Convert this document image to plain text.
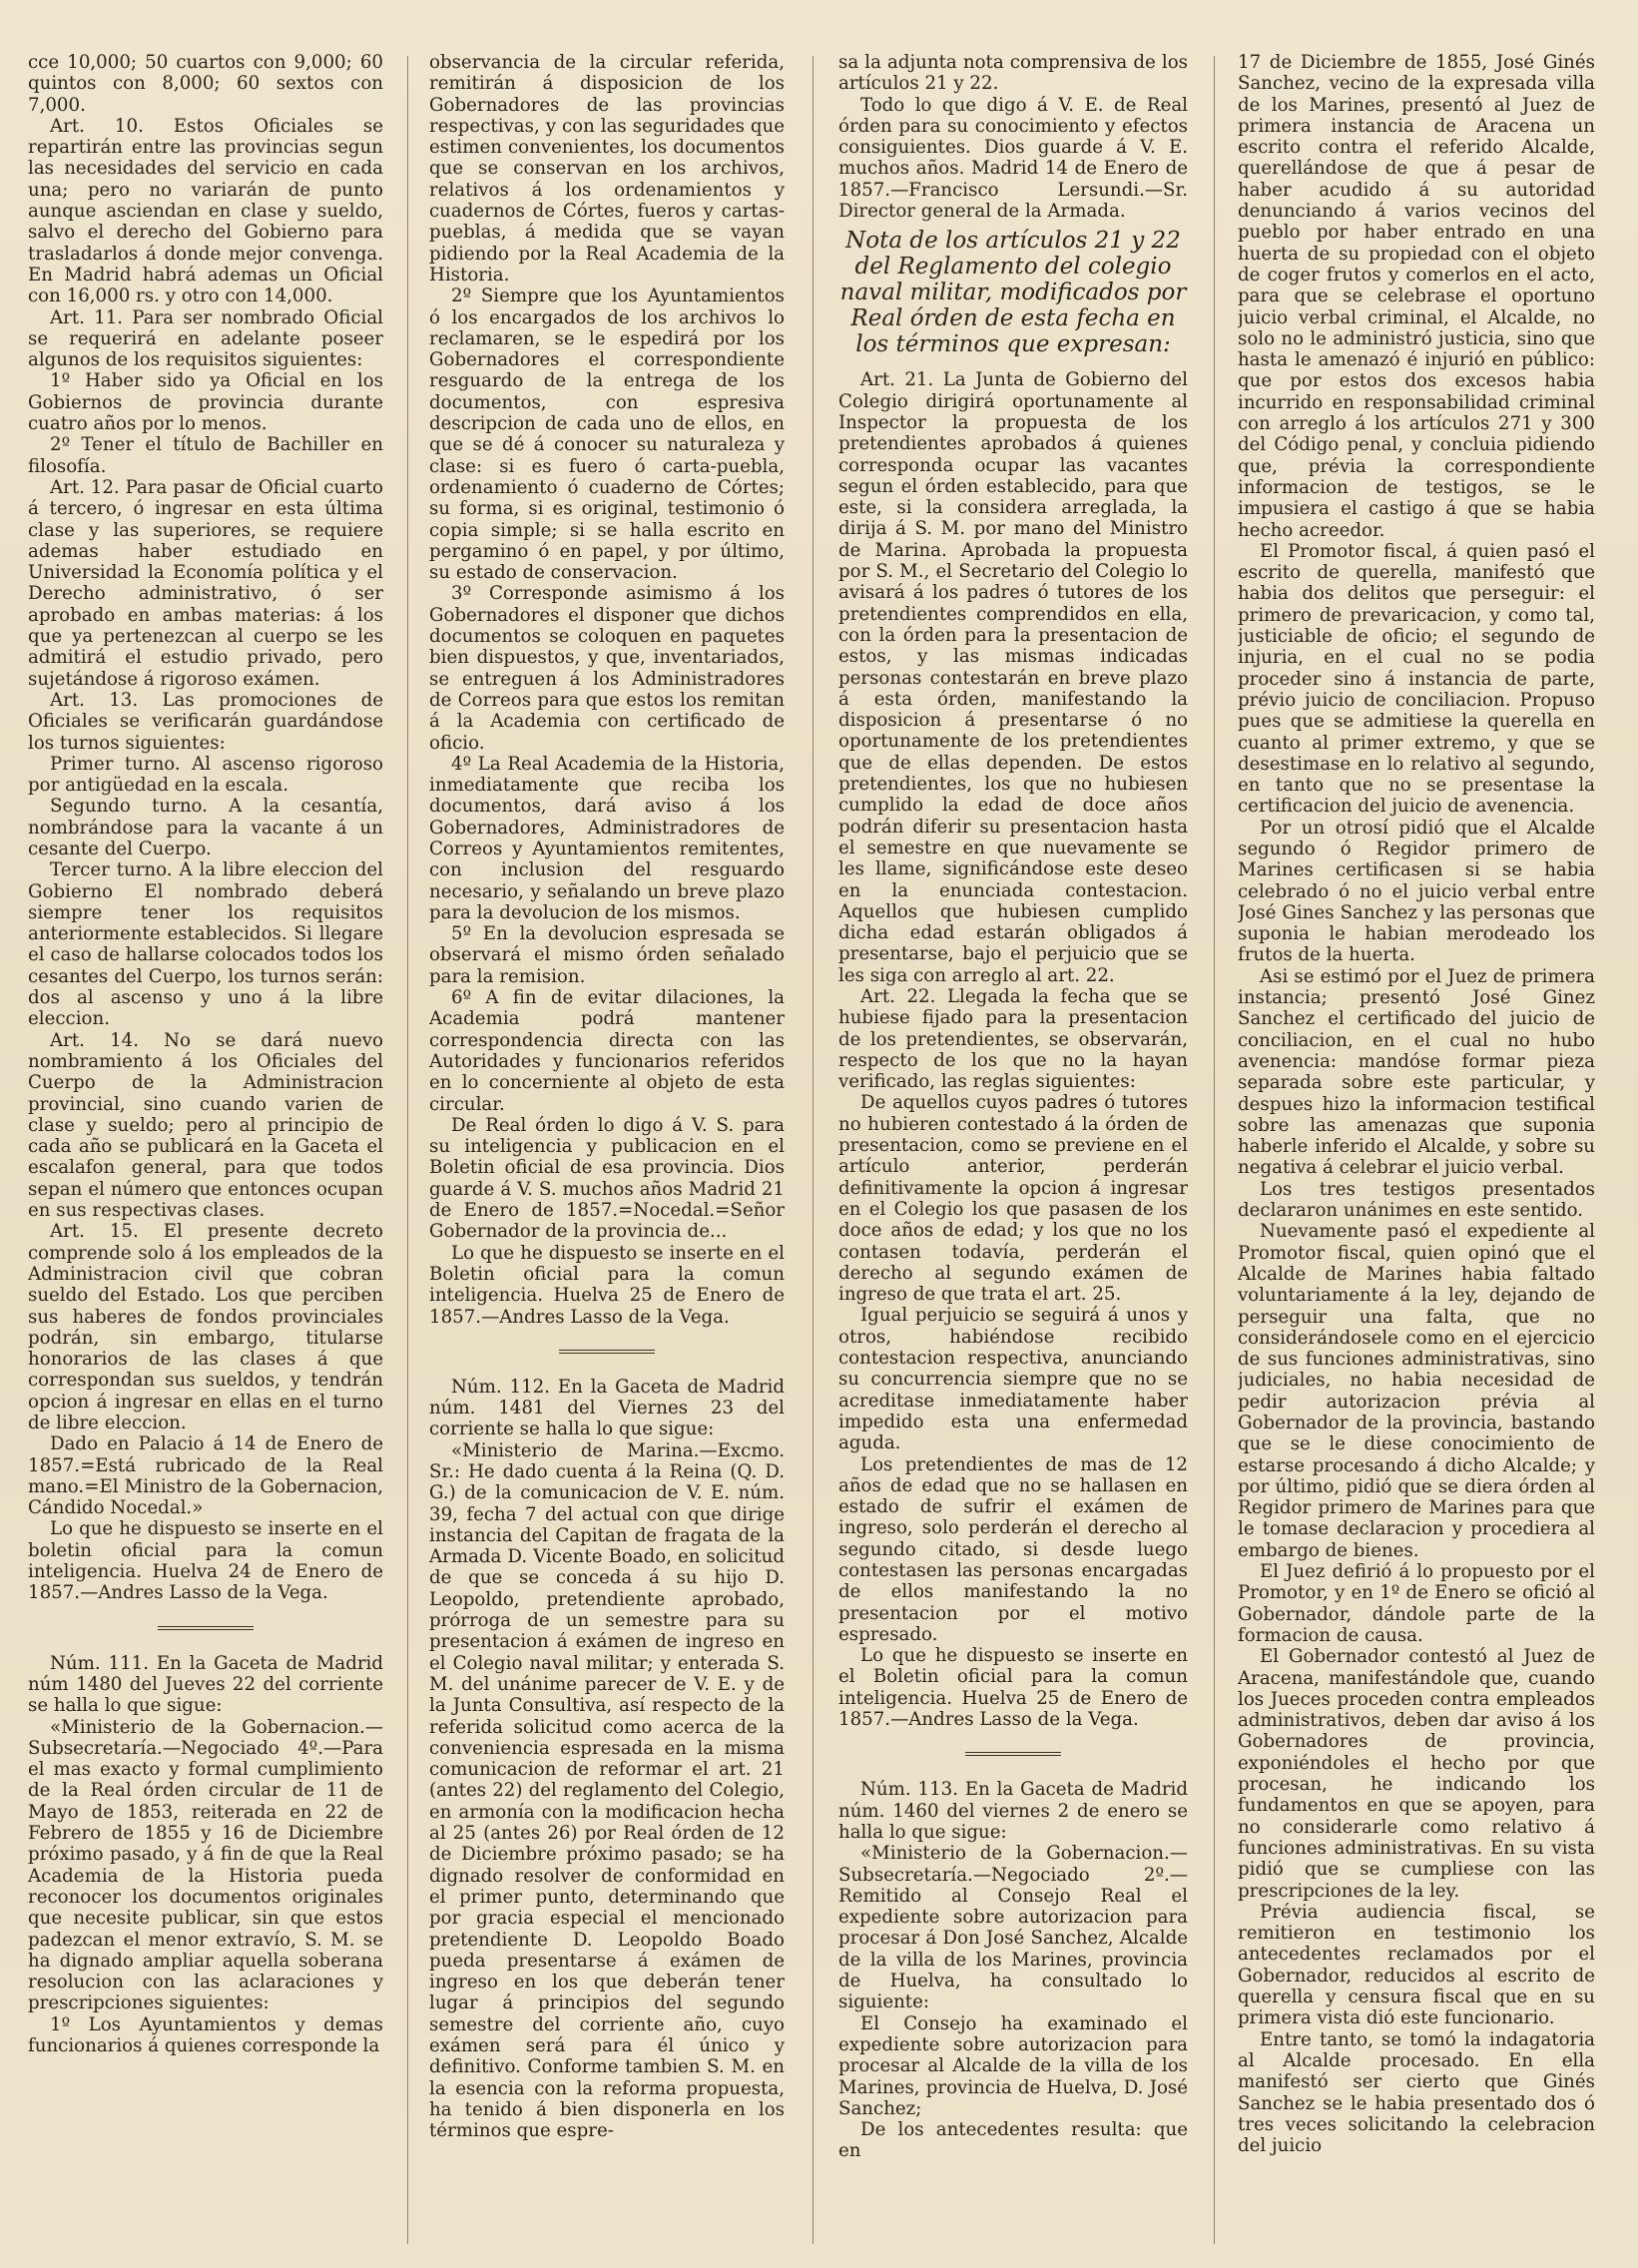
cce 10,000; 50 cuartos con 9,000; 60 quintos con 8,000; 60 sextos con 7,000.

Art. 10. Estos Oficiales se repartirán entre las provincias segun las necesidades del servicio en cada una; pero no variarán de punto aunque asciendan en clase y sueldo, salvo el derecho del Gobierno para trasladarlos á donde mejor convenga. En Madrid habrá ademas un Oficial con 16,000 rs. y otro con 14,000.

Art. 11. Para ser nombrado Oficial se requerirá en adelante poseer algunos de los requisitos siguientes:

1º Haber sido ya Oficial en los Gobiernos de provincia durante cuatro años por lo menos.

2º Tener el título de Bachiller en filosofía.

Art. 12. Para pasar de Oficial cuarto á tercero, ó ingresar en esta última clase y las superiores, se requiere ademas haber estudiado en Universidad la Economía política y el Derecho administrativo, ó ser aprobado en ambas materias: á los que ya pertenezcan al cuerpo se les admitirá el estudio privado, pero sujetándose á rigoroso exámen.

Art. 13. Las promociones de Oficiales se verificarán guardándose los turnos siguientes:

Primer turno. Al ascenso rigoroso por antigüedad en la escala.

Segundo turno. A la cesantía, nombrándose para la vacante á un cesante del Cuerpo.

Tercer turno. A la libre eleccion del Gobierno El nombrado deberá siempre tener los requisitos anteriormente establecidos. Si llegare el caso de hallarse colocados todos los cesantes del Cuerpo, los turnos serán: dos al ascenso y uno á la libre eleccion.

Art. 14. No se dará nuevo nombramiento á los Oficiales del Cuerpo de la Administracion provincial, sino cuando varien de clase y sueldo; pero al principio de cada año se publicará en la Gaceta el escalafon general, para que todos sepan el número que entonces ocupan en sus respectivas clases.

Art. 15. El presente decreto comprende solo á los empleados de la Administracion civil que cobran sueldo del Estado. Los que perciben sus haberes de fondos provinciales podrán, sin embargo, titularse honorarios de las clases á que correspondan sus sueldos, y tendrán opcion á ingresar en ellas en el turno de libre eleccion.

Dado en Palacio á 14 de Enero de 1857.=Está rubricado de la Real mano.=El Ministro de la Gobernacion, Cándido Nocedal.»

Lo que he dispuesto se inserte en el boletin oficial para la comun inteligencia. Huelva 24 de Enero de 1857.—Andres Lasso de la Vega.

Núm. 111. En la Gaceta de Madrid núm 1480 del Jueves 22 del corriente se halla lo que sigue:

«Ministerio de la Gobernacion.—Subsecretaría.—Negociado 4º.—Para el mas exacto y formal cumplimiento de la Real órden circular de 11 de Mayo de 1853, reiterada en 22 de Febrero de 1855 y 16 de Diciembre próximo pasado, y á fin de que la Real Academia de la Historia pueda reconocer los documentos originales que necesite publicar, sin que estos padezcan el menor extravío, S. M. se ha dignado ampliar aquella soberana resolucion con las aclaraciones y prescripciones siguientes:

1º Los Ayuntamientos y demas funcionarios á quienes corresponde la

observancia de la circular referida, remitirán á disposicion de los Gobernadores de las provincias respectivas, y con las seguridades que estimen convenientes, los documentos que se conservan en los archivos, relativos á los ordenamientos y cuadernos de Córtes, fueros y cartas-pueblas, á medida que se vayan pidiendo por la Real Academia de la Historia.

2º Siempre que los Ayuntamientos ó los encargados de los archivos lo reclamaren, se le espedirá por los Gobernadores el correspondiente resguardo de la entrega de los documentos, con espresiva descripcion de cada uno de ellos, en que se dé á conocer su naturaleza y clase: si es fuero ó carta-puebla, ordenamiento ó cuaderno de Córtes; su forma, si es original, testimonio ó copia simple; si se halla escrito en pergamino ó en papel, y por último, su estado de conservacion.

3º Corresponde asimismo á los Gobernadores el disponer que dichos documentos se coloquen en paquetes bien dispuestos, y que, inventariados, se entreguen á los Administradores de Correos para que estos los remitan á la Academia con certificado de oficio.

4º La Real Academia de la Historia, inmediatamente que reciba los documentos, dará aviso á los Gobernadores, Administradores de Correos y Ayuntamientos remitentes, con inclusion del resguardo necesario, y señalando un breve plazo para la devolucion de los mismos.

5º En la devolucion espresada se observará el mismo órden señalado para la remision.

6º A fin de evitar dilaciones, la Academia podrá mantener correspondencia directa con las Autoridades y funcionarios referidos en lo concerniente al objeto de esta circular.

De Real órden lo digo á V. S. para su inteligencia y publicacion en el Boletin oficial de esa provincia. Dios guarde á V. S. muchos años Madrid 21 de Enero de 1857.=Nocedal.=Señor Gobernador de la provincia de...

Lo que he dispuesto se inserte en el Boletin oficial para la comun inteligencia. Huelva 25 de Enero de 1857.—Andres Lasso de la Vega.

Núm. 112. En la Gaceta de Madrid núm. 1481 del Viernes 23 del corriente se halla lo que sigue:

«Ministerio de Marina.—Excmo. Sr.: He dado cuenta á la Reina (Q. D. G.) de la comunicacion de V. E. núm. 39, fecha 7 del actual con que dirige instancia del Capitan de fragata de la Armada D. Vicente Boado, en solicitud de que se conceda á su hijo D. Leopoldo, pretendiente aprobado, prórroga de un semestre para su presentacion á exámen de ingreso en el Colegio naval militar; y enterada S. M. del unánime parecer de V. E. y de la Junta Consultiva, así respecto de la referida solicitud como acerca de la conveniencia espresada en la misma comunicacion de reformar el art. 21 (antes 22) del reglamento del Colegio, en armonía con la modificacion hecha al 25 (antes 26) por Real órden de 12 de Diciembre próximo pasado; se ha dignado resolver de conformidad en el primer punto, determinando que por gracia especial el mencionado pretendiente D. Leopoldo Boado pueda presentarse á exámen de ingreso en los que deberán tener lugar á principios del segundo semestre del corriente año, cuyo exámen será para él único y definitivo. Conforme tambien S. M. en la esencia con la reforma propuesta, ha tenido á bien disponerla en los términos que espre-

sa la adjunta nota comprensiva de los artículos 21 y 22.

Todo lo que digo á V. E. de Real órden para su conocimiento y efectos consiguientes. Dios guarde á V. E. muchos años. Madrid 14 de Enero de 1857.—Francisco Lersundi.—Sr. Director general de la Armada.

Nota de los artículos 21 y 22 del Reglamento del colegio naval militar, modificados por Real órden de esta fecha en los términos que expresan:

Art. 21. La Junta de Gobierno del Colegio dirigirá oportunamente al Inspector la propuesta de los pretendientes aprobados á quienes corresponda ocupar las vacantes segun el órden establecido, para que este, si la considera arreglada, la dirija á S. M. por mano del Ministro de Marina. Aprobada la propuesta por S. M., el Secretario del Colegio lo avisará á los padres ó tutores de los pretendientes comprendidos en ella, con la órden para la presentacion de estos, y las mismas indicadas personas contestarán en breve plazo á esta órden, manifestando la disposicion á presentarse ó no oportunamente de los pretendientes que de ellas dependen. De estos pretendientes, los que no hubiesen cumplido la edad de doce años podrán diferir su presentacion hasta el semestre en que nuevamente se les llame, significándose este deseo en la enunciada contestacion. Aquellos que hubiesen cumplido dicha edad estarán obligados á presentarse, bajo el perjuicio que se les siga con arreglo al art. 22.

Art. 22. Llegada la fecha que se hubiese fijado para la presentacion de los pretendientes, se observarán, respecto de los que no la hayan verificado, las reglas siguientes:

De aquellos cuyos padres ó tutores no hubieren contestado á la órden de presentacion, como se previene en el artículo anterior, perderán definitivamente la opcion á ingresar en el Colegio los que pasasen de los doce años de edad; y los que no los contasen todavía, perderán el derecho al segundo exámen de ingreso de que trata el art. 25.

Igual perjuicio se seguirá á unos y otros, habiéndose recibido contestacion respectiva, anunciando su concurrencia siempre que no se acreditase inmediatamente haber impedido esta una enfermedad aguda.

Los pretendientes de mas de 12 años de edad que no se hallasen en estado de sufrir el exámen de ingreso, solo perderán el derecho al segundo citado, si desde luego contestasen las personas encargadas de ellos manifestando la no presentacion por el motivo espresado.

Lo que he dispuesto se inserte en el Boletin oficial para la comun inteligencia. Huelva 25 de Enero de 1857.—Andres Lasso de la Vega.

Núm. 113. En la Gaceta de Madrid núm. 1460 del viernes 2 de enero se halla lo que sigue:

«Ministerio de la Gobernacion.—Subsecretaría.—Negociado 2º.—Remitido al Consejo Real el expediente sobre autorizacion para procesar á Don José Sanchez, Alcalde de la villa de los Marines, provincia de Huelva, ha consultado lo siguiente:

El Consejo ha examinado el expediente sobre autorizacion para procesar al Alcalde de la villa de los Marines, provincia de Huelva, D. José Sanchez;

De los antecedentes resulta: que en

17 de Diciembre de 1855, José Ginés Sanchez, vecino de la expresada villa de los Marines, presentó al Juez de primera instancia de Aracena un escrito contra el referido Alcalde, querellándose de que á pesar de haber acudido á su autoridad denunciando á varios vecinos del pueblo por haber entrado en una huerta de su propiedad con el objeto de coger frutos y comerlos en el acto, para que se celebrase el oportuno juicio verbal criminal, el Alcalde, no solo no le administró justicia, sino que hasta le amenazó é injurió en público: que por estos dos excesos habia incurrido en responsabilidad criminal con arreglo á los artículos 271 y 300 del Código penal, y concluia pidiendo que, prévia la correspondiente informacion de testigos, se le impusiera el castigo á que se habia hecho acreedor.

El Promotor fiscal, á quien pasó el escrito de querella, manifestó que habia dos delitos que perseguir: el primero de prevaricacion, y como tal, justiciable de oficio; el segundo de injuria, en el cual no se podia proceder sino á instancia de parte, prévio juicio de conciliacion. Propuso pues que se admitiese la querella en cuanto al primer extremo, y que se desestimase en lo relativo al segundo, en tanto que no se presentase la certificacion del juicio de avenencia.

Por un otrosí pidió que el Alcalde segundo ó Regidor primero de Marines certificasen si se habia celebrado ó no el juicio verbal entre José Gines Sanchez y las personas que suponia le habian merodeado los frutos de la huerta.

Asi se estimó por el Juez de primera instancia; presentó José Ginez Sanchez el certificado del juicio de conciliacion, en el cual no hubo avenencia: mandóse formar pieza separada sobre este particular, y despues hizo la informacion testifical sobre las amenazas que suponia haberle inferido el Alcalde, y sobre su negativa á celebrar el juicio verbal.

Los tres testigos presentados declararon unánimes en este sentido.

Nuevamente pasó el expediente al Promotor fiscal, quien opinó que el Alcalde de Marines habia faltado voluntariamente á la ley, dejando de perseguir una falta, que no considerándosele como en el ejercicio de sus funciones administrativas, sino judiciales, no habia necesidad de pedir autorizacion prévia al Gobernador de la provincia, bastando que se le diese conocimiento de estarse procesando á dicho Alcalde; y por último, pidió que se diera órden al Regidor primero de Marines para que le tomase declaracion y procediera al embargo de bienes.

El Juez defirió á lo propuesto por el Promotor, y en 1º de Enero se ofició al Gobernador, dándole parte de la formacion de causa.

El Gobernador contestó al Juez de Aracena, manifestándole que, cuando los Jueces proceden contra empleados administrativos, deben dar aviso á los Gobernadores de provincia, exponiéndoles el hecho por que procesan, he indicando los fundamentos en que se apoyen, para no considerarle como relativo á funciones administrativas. En su vista pidió que se cumpliese con las prescripciones de la ley.

Prévia audiencia fiscal, se remitieron en testimonio los antecedentes reclamados por el Gobernador, reducidos al escrito de querella y censura fiscal que en su primera vista dió este funcionario.

Entre tanto, se tomó la indagatoria al Alcalde procesado. En ella manifestó ser cierto que Ginés Sanchez se le habia presentado dos ó tres veces solicitando la celebracion del juicio
